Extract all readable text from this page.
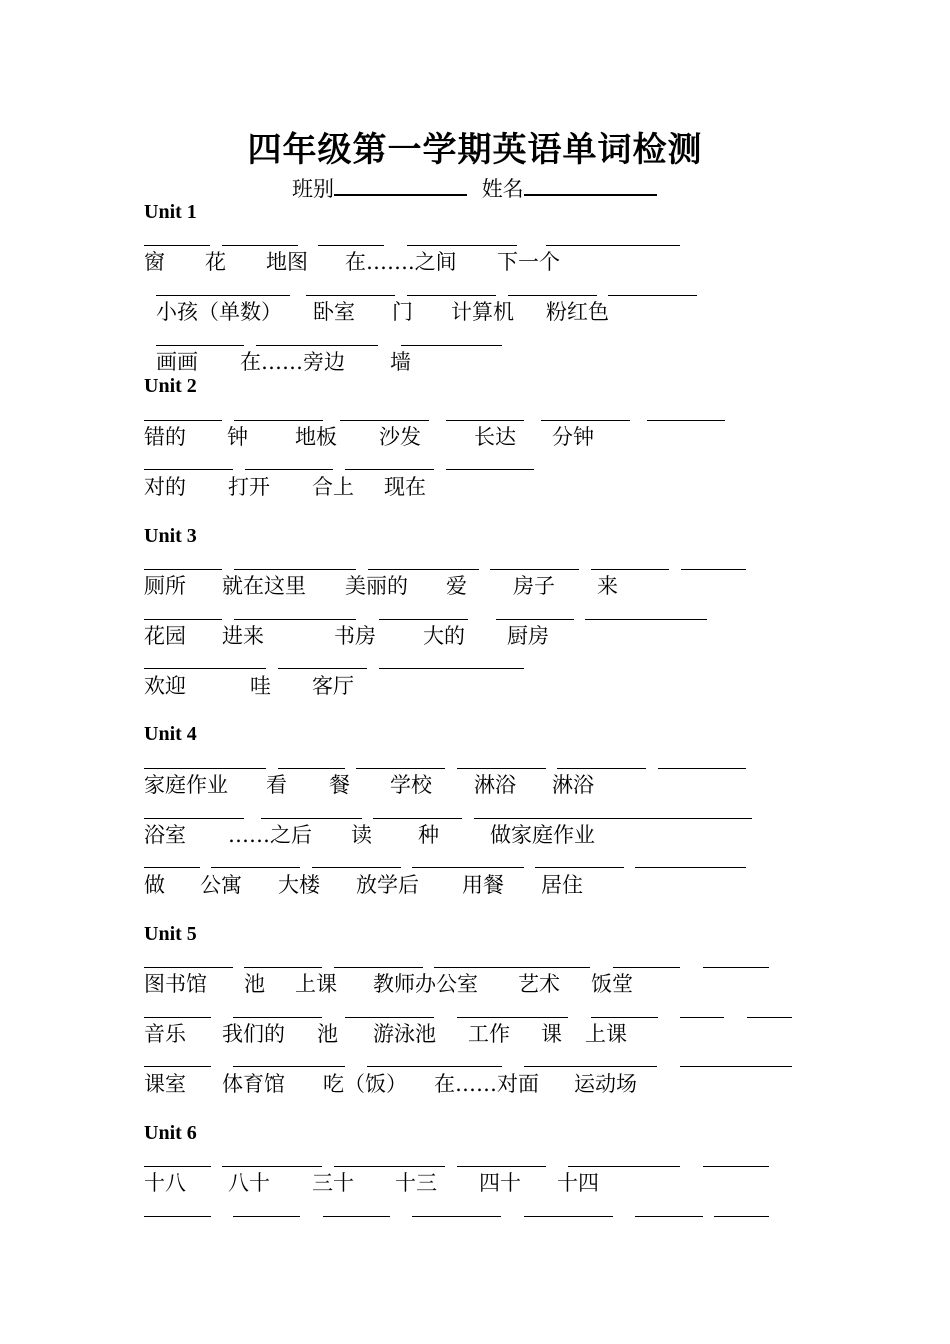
四年级第一学期英语单词检测
班别	姓名
Unit 1
窗 花 地图 在…….之间 下一个
小孩（单数） 卧室 门 计算机 粉红色
画画 在……旁边 墙
Unit 2
错的 钟 地板 沙发	长达 分钟
对的 打开 合上 现在
Unit 3
厕所 就在这里 美丽的 爱 房子 来
花园 进来	书房 大的 厨房
欢迎	哇 客厅
Unit 4
家庭作业 看 餐 学校 淋浴 淋浴
浴室 ……之后 读 种 做家庭作业
做 公寓 大楼 放学后 用餐 居住
Unit 5
图书馆 池 上课 教师办公室 艺术 饭堂
音乐 我们的 池 游泳池 工作 课 上课
课室 体育馆 吃（饭） 在……对面 运动场
Unit 6
十八 八十 三十 十三 四十 十四
